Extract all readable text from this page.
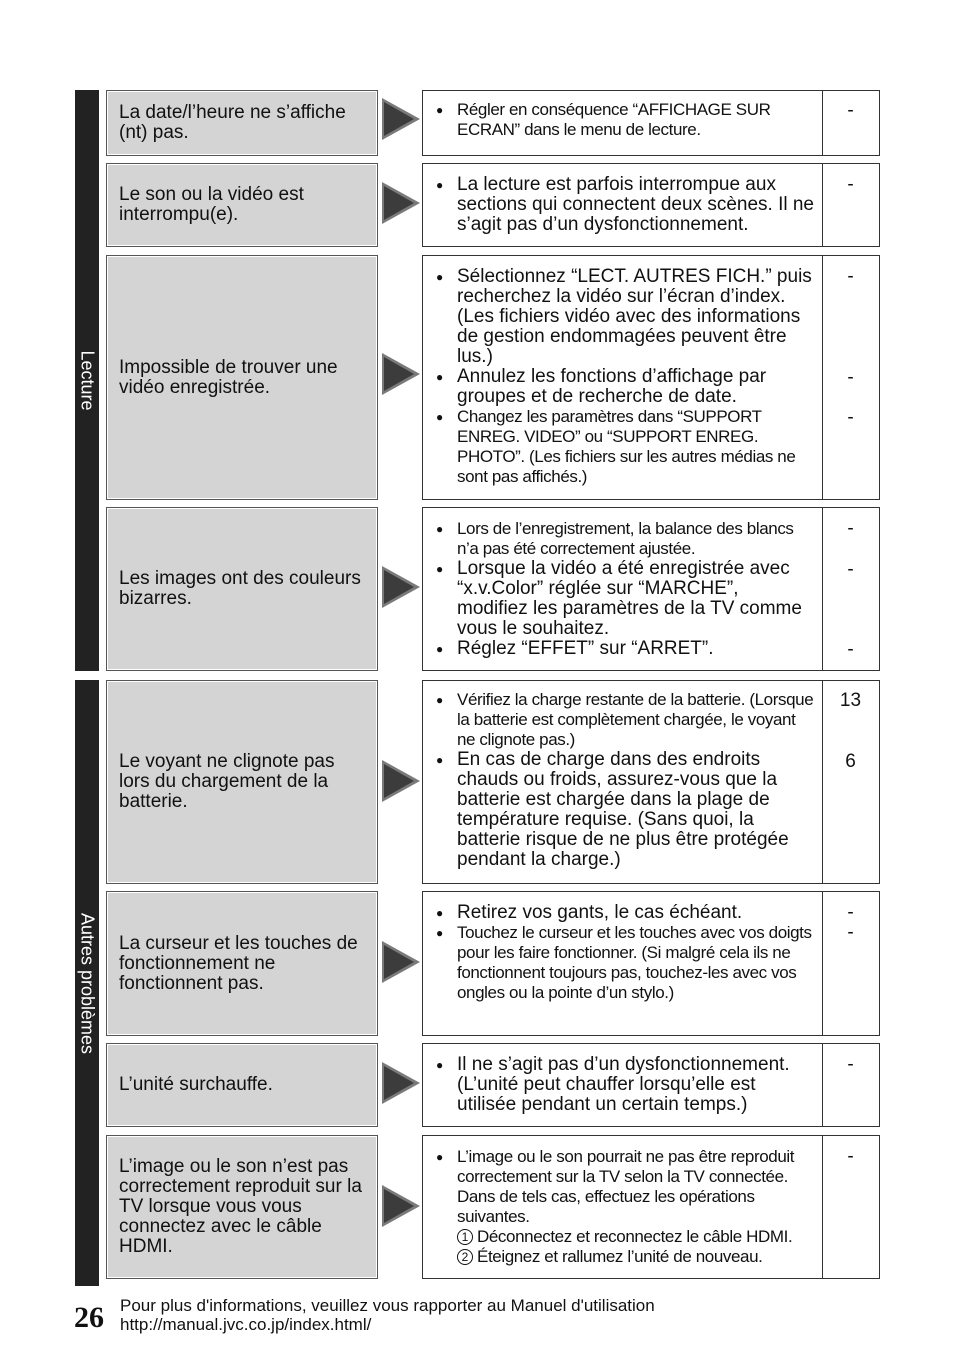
Lecture
Autres problèmes
La date/l’heure ne s’affiche (nt) pas.
● Régler en conséquence “AFFICHAGE SUR ECRAN” dans le menu de lecture.
-
Le son ou la vidéo est interrompu(e).
● La lecture est parfois interrompue aux sections qui connectent deux scènes. Il ne s’agit pas d’un dysfonctionnement.
-
Impossible de trouver une vidéo enregistrée.
● Sélectionnez “LECT. AUTRES FICH.” puis recherchez la vidéo sur l’écran d’index. (Les fichiers vidéo avec des informations de gestion endommagées peuvent être lus.)
● Annulez les fonctions d’affichage par groupes et de recherche de date.
● Changez les paramètres dans “SUPPORT ENREG. VIDEO” ou “SUPPORT ENREG. PHOTO”. (Les fichiers sur les autres médias ne sont pas affichés.)
-
-
-
Les images ont des couleurs bizarres.
● Lors de l’enregistrement, la balance des blancs n’a pas été correctement ajustée.
● Lorsque la vidéo a été enregistrée avec “x.v.Color” réglée sur “MARCHE”, modifiez les paramètres de la TV comme vous le souhaitez.
● Réglez “EFFET” sur “ARRET”.
-
-
-
Le voyant ne clignote pas lors du chargement de la batterie.
● Vérifiez la charge restante de la batterie. (Lorsque la batterie est complètement chargée, le voyant ne clignote pas.)
● En cas de charge dans des endroits chauds ou froids, assurez-vous que la batterie est chargée dans la plage de température requise. (Sans quoi, la batterie risque de ne plus être protégée pendant la charge.)
13
6
La curseur et les touches de fonctionnement ne fonctionnent pas.
● Retirez vos gants, le cas échéant.
● Touchez le curseur et les touches avec vos doigts pour les faire fonctionner. (Si malgré cela ils ne fonctionnent toujours pas, touchez-les avec vos ongles ou la pointe d’un stylo.)
-
-
L’unité surchauffe.
● Il ne s’agit pas d’un dysfonctionnement. (L’unité peut chauffer lorsqu’elle est utilisée pendant un certain temps.)
-
L’image ou le son n’est pas correctement reproduit sur la TV lorsque vous vous connectez avec le câble HDMI.
● L’image ou le son pourrait ne pas être reproduit correctement sur la TV selon la TV connectée. Dans de tels cas, effectuez les opérations suivantes.
1 Déconnectez et reconnectez le câble HDMI.
2 Éteignez et rallumez l’unité de nouveau.
-
26 Pour plus d'informations, veuillez vous rapporter au Manuel d'utilisation
http://manual.jvc.co.jp/index.html/
